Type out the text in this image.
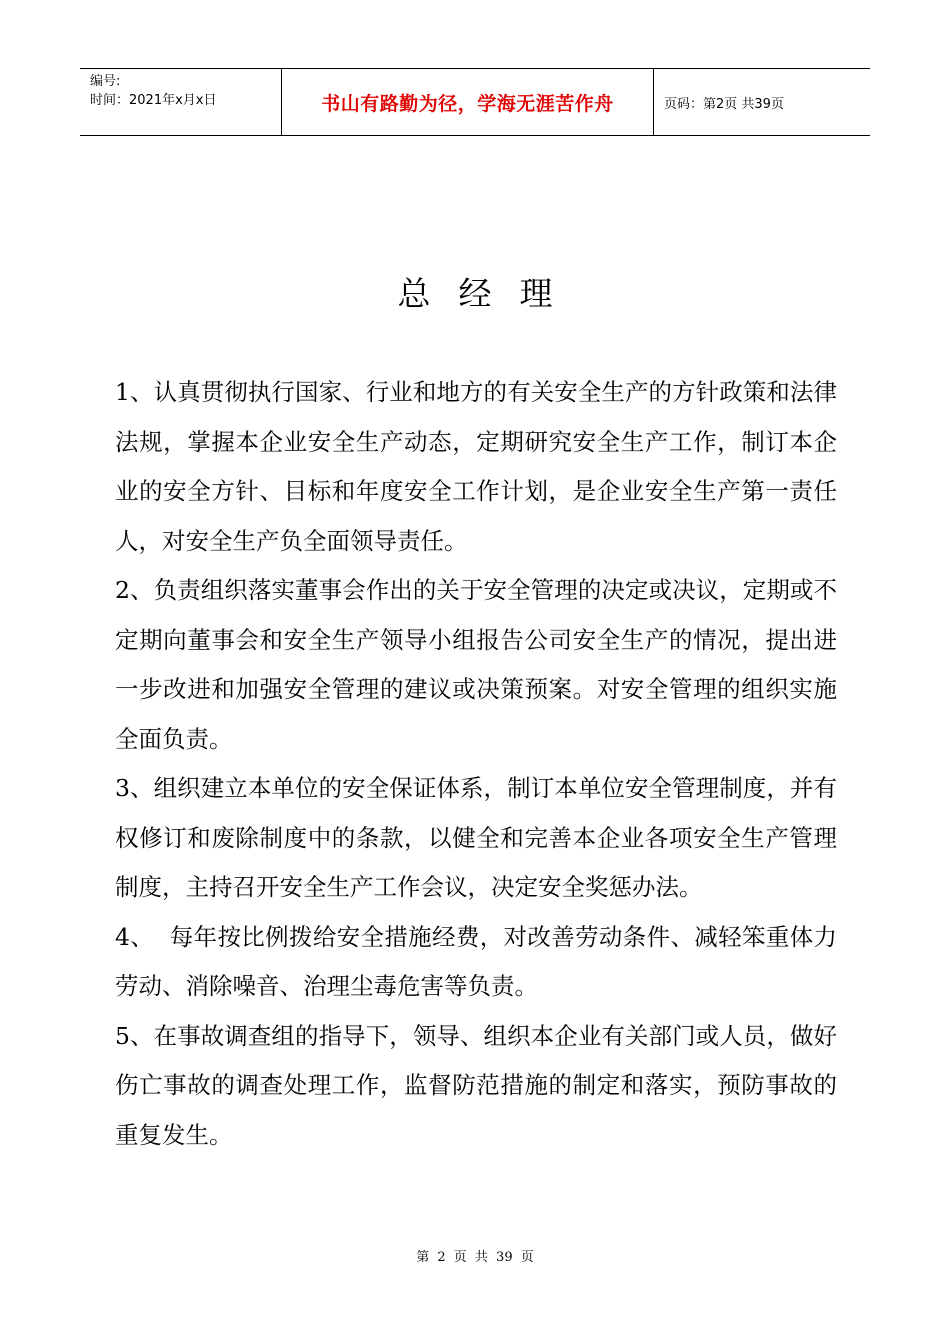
编号:
时间：2021年x月x日	书山有路勤为径，学海无涯苦作舟	页码：第2页 共39页
总经理

1、认真贯彻执行国家、行业和地方的有关安全生产的方针政策和法律法规，掌握本企业安全生产动态，定期研究安全生产工作，制订本企业的安全方针、目标和年度安全工作计划，是企业安全生产第一责任人，对安全生产负全面领导责任。

2、负责组织落实董事会作出的关于安全管理的决定或决议，定期或不定期向董事会和安全生产领导小组报告公司安全生产的情况，提出进一步改进和加强安全管理的建议或决策预案。对安全管理的组织实施全面负责。

3、组织建立本单位的安全保证体系，制订本单位安全管理制度，并有权修订和废除制度中的条款，以健全和完善本企业各项安全生产管理制度，主持召开安全生产工作会议，决定安全奖惩办法。

4、  每年按比例拨给安全措施经费，对改善劳动条件、减轻笨重体力劳动、消除噪音、治理尘毒危害等负责。

5、在事故调查组的指导下，领导、组织本企业有关部门或人员，做好伤亡事故的调查处理工作，监督防范措施的制定和落实，预防事故的重复发生。

第 2 页 共 39 页
